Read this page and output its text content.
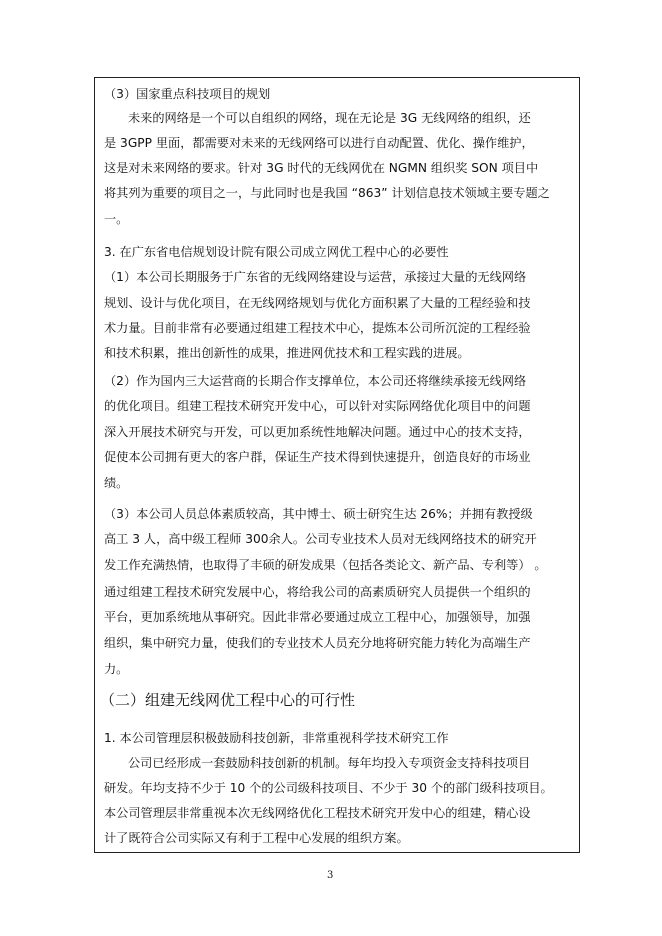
（3）国家重点科技项目的规划
未来的网络是一个可以自组织的网络，现在无论是 3G 无线网络的组织，还
是 3GPP 里面，都需要对未来的无线网络可以进行自动配置、优化、操作维护，
这是对未来网络的要求。针对 3G 时代的无线网优在 NGMN 组织奖 SON 项目中
将其列为重要的项目之一，与此同时也是我国 “863” 计划信息技术领域主要专题之
一。
3. 在广东省电信规划设计院有限公司成立网优工程中心的必要性
（1）本公司长期服务于广东省的无线网络建设与运营，承接过大量的无线网络
规划、设计与优化项目，在无线网络规划与优化方面积累了大量的工程经验和技
术力量。目前非常有必要通过组建工程技术中心，提炼本公司所沉淀的工程经验
和技术积累，推出创新性的成果，推进网优技术和工程实践的进展。
（2）作为国内三大运营商的长期合作支撑单位，本公司还将继续承接无线网络
的优化项目。组建工程技术研究开发中心，可以针对实际网络优化项目中的问题
深入开展技术研究与开发，可以更加系统性地解决问题。通过中心的技术支持，
促使本公司拥有更大的客户群，保证生产技术得到快速提升，创造良好的市场业
绩。
（3）本公司人员总体素质较高，其中博士、硕士研究生达 26%；并拥有教授级
高工 3 人，高中级工程师 300余人。公司专业技术人员对无线网络技术的研究开
发工作充满热情，也取得了丰硕的研发成果（包括各类论文、新产品、专利等） 。
通过组建工程技术研究发展中心，将给我公司的高素质研究人员提供一个组织的
平台，更加系统地从事研究。因此非常必要通过成立工程中心，加强领导，加强
组织，集中研究力量，使我们的专业技术人员充分地将研究能力转化为高端生产
力。
（二）组建无线网优工程中心的可行性
1. 本公司管理层积极鼓励科技创新，非常重视科学技术研究工作
公司已经形成一套鼓励科技创新的机制。每年均投入专项资金支持科技项目
研发。年均支持不少于 10 个的公司级科技项目、不少于 30 个的部门级科技项目。
本公司管理层非常重视本次无线网络优化工程技术研究开发中心的组建，精心设
计了既符合公司实际又有利于工程中心发展的组织方案。
3
